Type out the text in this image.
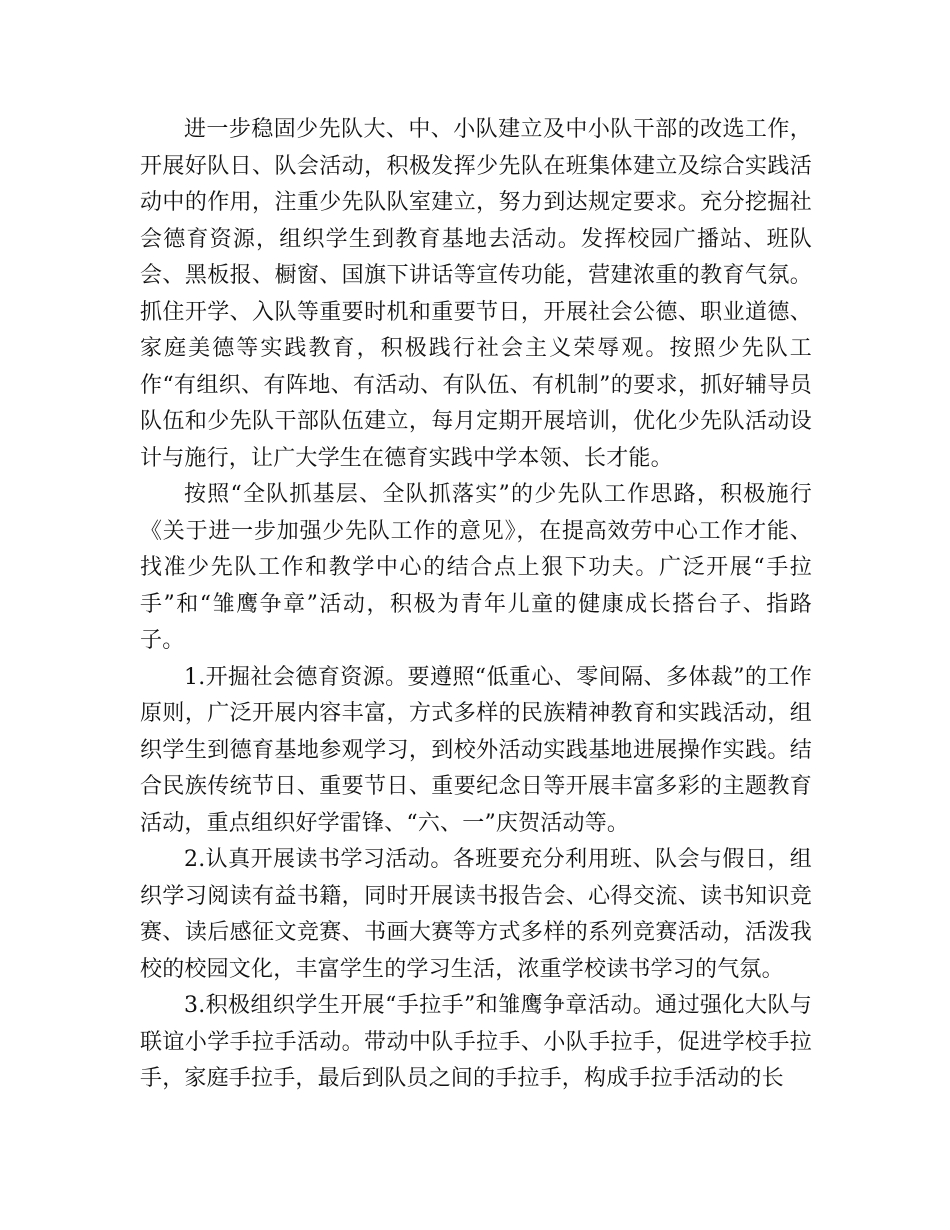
进一步稳固少先队大、中、小队建立及中小队干部的改选工作，开展好队日、队会活动，积极发挥少先队在班集体建立及综合实践活动中的作用，注重少先队队室建立，努力到达规定要求。充分挖掘社会德育资源，组织学生到教育基地去活动。发挥校园广播站、班队会、黑板报、橱窗、国旗下讲话等宣传功能，营建浓重的教育气氛。抓住开学、入队等重要时机和重要节日，开展社会公德、职业道德、家庭美德等实践教育，积极践行社会主义荣辱观。按照少先队工作“有组织、有阵地、有活动、有队伍、有机制”的要求，抓好辅导员队伍和少先队干部队伍建立，每月定期开展培训，优化少先队活动设计与施行，让广大学生在德育实践中学本领、长才能。

按照“全队抓基层、全队抓落实”的少先队工作思路，积极施行《关于进一步加强少先队工作的意见》，在提高效劳中心工作才能、找准少先队工作和教学中心的结合点上狠下功夫。广泛开展“手拉手”和“雏鹰争章”活动，积极为青年儿童的健康成长搭台子、指路子。

1.开掘社会德育资源。要遵照“低重心、零间隔、多体裁”的工作原则，广泛开展内容丰富，方式多样的民族精神教育和实践活动，组织学生到德育基地参观学习，到校外活动实践基地进展操作实践。结合民族传统节日、重要节日、重要纪念日等开展丰富多彩的主题教育活动，重点组织好学雷锋、“六、一”庆贺活动等。

2.认真开展读书学习活动。各班要充分利用班、队会与假日，组织学习阅读有益书籍，同时开展读书报告会、心得交流、读书知识竞赛、读后感征文竞赛、书画大赛等方式多样的系列竞赛活动，活泼我校的校园文化，丰富学生的学习生活，浓重学校读书学习的气氛。

3.积极组织学生开展“手拉手”和雏鹰争章活动。通过强化大队与联谊小学手拉手活动。带动中队手拉手、小队手拉手，促进学校手拉手，家庭手拉手，最后到队员之间的手拉手，构成手拉手活动的长
